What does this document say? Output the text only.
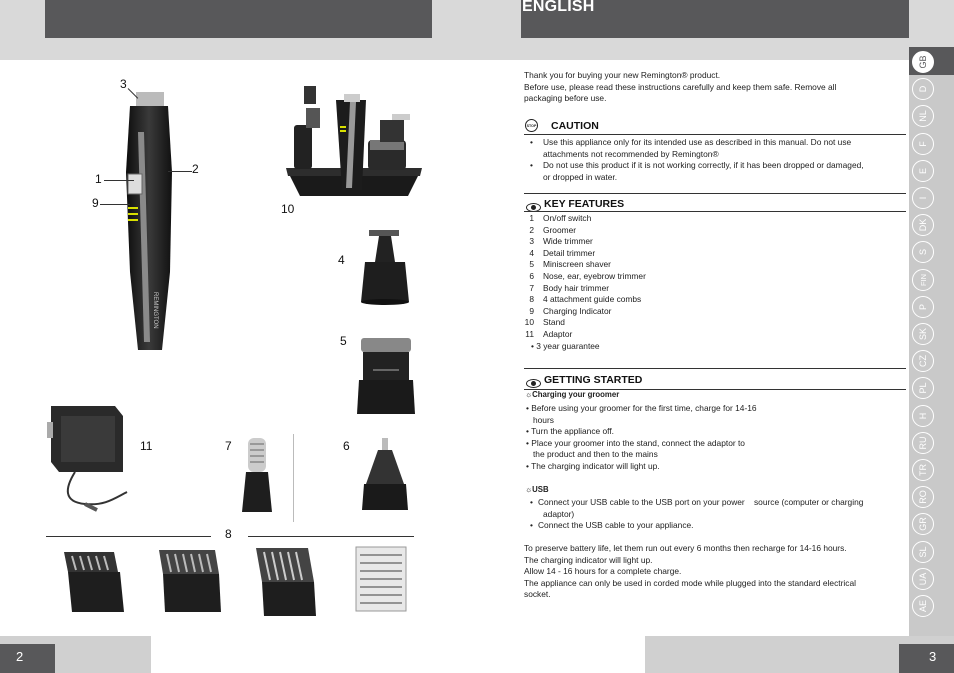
ENGLISH
GB
D
NL
F
E
I
DK
S
FIN
P
SK
CZ
PL
H
RU
TR
RO
GR
SL
UA
AE
2	3
REMINGTON
3
1
2
9	10
4
5
11	7	6
8
Thank you for buying your new Remington® product.
Before use, please read these instructions carefully and keep them safe. Remove all
packaging before use.
STOP CAUTION
•	Use this appliance only for its intended use as described in this manual. Do not use
attachments not recommended by Remington®
•	Do not use this product if it is not working correctly, if it has been dropped or damaged,
or dropped in water.
KEY FEATURES
1	On/off switch
2	Groomer
3	Wide trimmer
4	Detail trimmer
5	Miniscreen shaver
6	Nose, ear, eyebrow trimmer
7	Body hair trimmer
8	4 attachment guide combs
9	Charging Indicator
10	Stand
11	Adaptor
• 3 year guarantee
GETTING STARTED
☼Charging your groomer
• Before using your groomer for the first time, charge for 14-16
hours
• Turn the appliance off.
• Place your groomer into the stand, connect the adaptor to
the product and then to the mains
• The charging indicator will light up.
☼USB
• Connect your USB cable to the USB port on your power    source (computer or charging
adaptor)
• Connect the USB cable to your appliance.
To preserve battery life, let them run out every 6 months then recharge for 14-16 hours.
The charging indicator will light up.
Allow 14 - 16 hours for a complete charge.
The appliance can only be used in corded mode while plugged into the standard electrical
socket.
